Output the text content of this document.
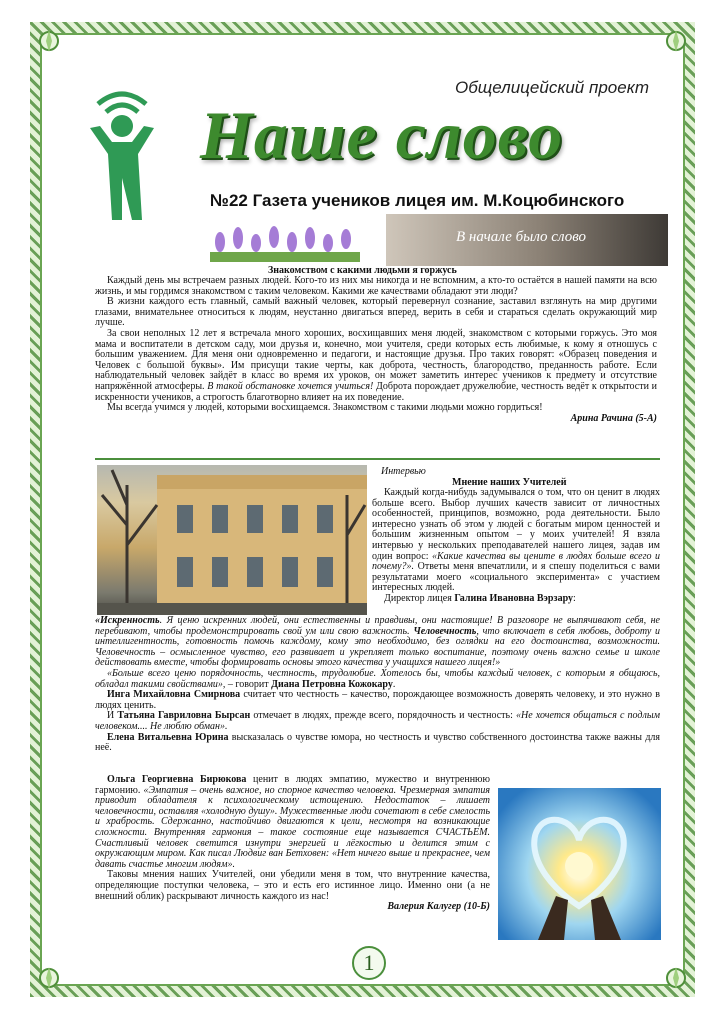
Общелицейский проект
Наше слово
№22 Газета учеников лицея им. М.Коцюбинского
В начале было слово
Знакомством с какими людьми я горжусь

Каждый день мы встречаем разных людей. Кого-то из них мы никогда и не вспомним, а кто-то остаётся в нашей памяти на всю жизнь, и мы гордимся знакомством с таким человеком. Какими же качествами обладают эти люди?

В жизни каждого есть главный, самый важный человек, который перевернул сознание, заставил взглянуть на мир другими глазами, внимательнее относиться к людям, неустанно двигаться вперед, верить в себя и стараться сделать окружающий мир лучше.

За свои неполных 12 лет я встречала много хороших, восхищавших меня людей, знакомством с которыми горжусь. Это моя мама и воспитатели в детском саду, мои друзья и, конечно, мои учителя, среди которых есть любимые, к кому я отношусь с большим уважением. Для меня они одновременно и педагоги, и настоящие друзья. Про таких говорят: «Образец поведения и Человек с большой буквы». Им присущи такие черты, как доброта, честность, благородство, преданность работе. Если наблюдательный человек зайдёт в класс во время их уроков, он может заметить интерес учеников к предмету и отсутствие напряжённой атмосферы. В такой обстановке хочется учиться! Доброта порождает дружелюбие, честность ведёт к открытости и искренности учеников, а строгость благотворно влияет на их поведение.

Мы всегда учимся у людей, которыми восхищаемся. Знакомством с такими людьми можно гордиться!

Арина Рачина (5-А)
Интервью
Мнение наших Учителей

Каждый когда-нибудь задумывался о том, что он ценит в людях больше всего. Выбор лучших качеств зависит от личностных особенностей, принципов, возможно, рода деятельности. Было интересно узнать об этом у людей с богатым миром ценностей и большим жизненным опытом – у моих учителей! Я взяла интервью у нескольких преподавателей нашего лицея, задав им один вопрос: «Какие качества вы цените в людях больше всего и почему?». Ответы меня впечатлили, и я спешу поделиться с вами результатами моего «социального эксперимента» с участием интересных людей.

Директор лицея Галина Ивановна Вэрзару:

«Искренность. Я ценю искренних людей, они естественны и правдивы, они настоящие! В разговоре не выпячивают себя, не перебивают, чтобы продемонстрировать свой ум или свою важность. Человечность, что включает в себя любовь, доброту и интеллигентность, готовность помочь каждому, кому это необходимо, без оглядки на его достоинства, возможности. Человечность – осмысленное чувство, его развивает и укрепляет только воспитание, поэтому очень важно семье и школе действовать вместе, чтобы формировать основы этого качества у учащихся нашего лицея!»

«Больше всего ценю порядочность, честность, трудолюбие. Хотелось бы, чтобы каждый человек, с которым я общаюсь, обладал такими свойствами», – говорит Диана Петровна Кожокару.

Инга Михайловна Смирнова считает что честность – качество, порождающее возможность доверять человеку, и это нужно в людях ценить.

И Татьяна Гавриловна Бырсан отмечает в людях, прежде всего, порядочность и честность: «Не хочется общаться с подлым человеком.... Не люблю обман».

Елена Витальевна Юрина высказалась о чувстве юмора, но честность и чувство собственного достоинства также важны для неё.

Ольга Георгиевна Бирюкова ценит в людях эмпатию, мужество и внутреннюю гармонию. «Эмпатия – очень важное, но спорное качество человека. Чрезмерная эмпатия приводит обладателя к психологическому истощению. Недостаток – лишает человечности, оставляя «холодную душу». Мужественные люди сочетают в себе смелость и храбрость. Сдержанно, настойчиво двигаются к цели, несмотря на возникающие сложности. Внутренняя гармония – такое состояние еще называется СЧАСТЬЕМ. Счастливый человек светится изнутри энергией и лёгкостью и делится этим с окружающим миром. Как писал Людвиг ван Бетховен: «Нет ничего выше и прекраснее, чем давать счастье многим людям».

Таковы мнения наших Учителей, они убедили меня в том, что внутренние качества, определяющие поступки человека, – это и есть его истинное лицо. Именно они (а не внешний облик) раскрывают личность каждого из нас!

Валерия Калугер (10-Б)
1
